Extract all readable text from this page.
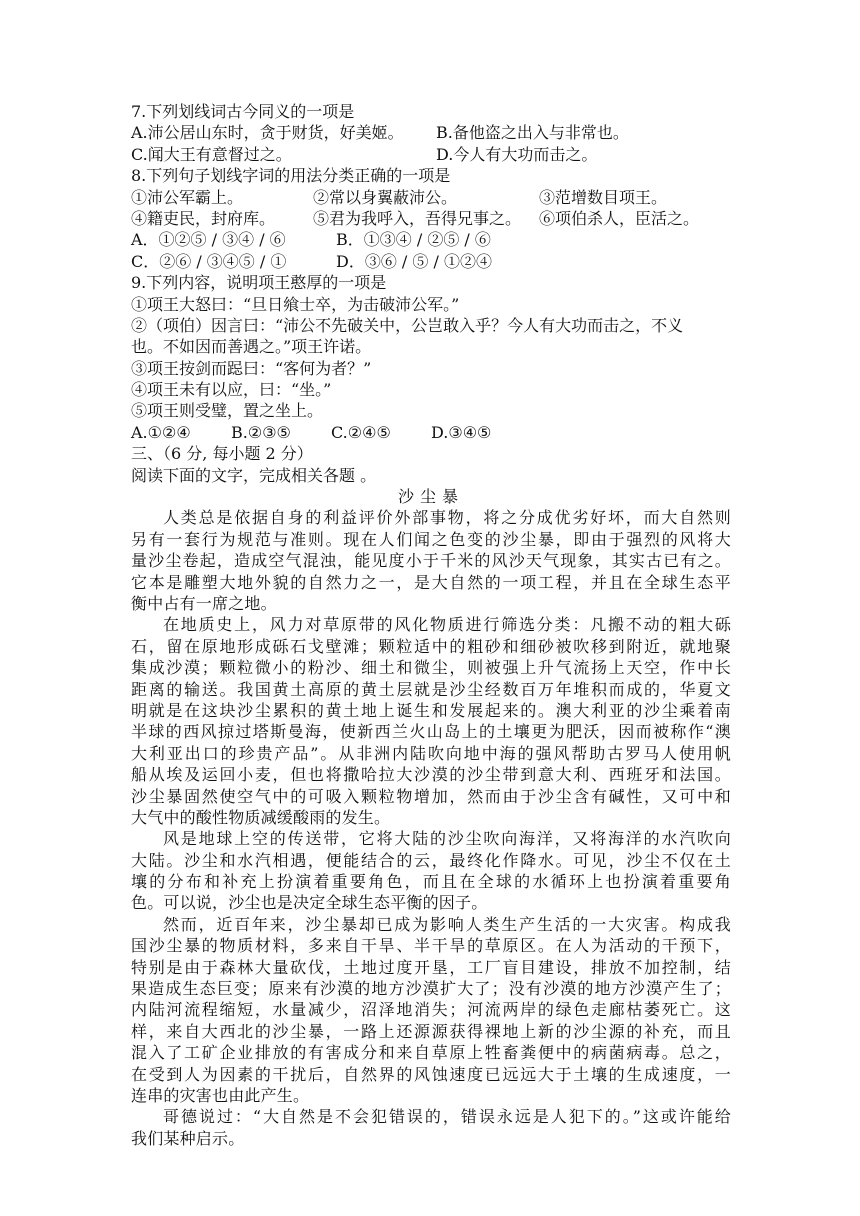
7.下列划线词古今同义的一项是
A.沛公居山东时，贪于财货，好美姬。 B.备他盗之出入与非常也。
C.闻大王有意督过之。	D.今人有大功而击之。
8.下列句子划线字词的用法分类正确的一项是
①沛公军霸上。	②常以身翼蔽沛公。	③范增数目项王。
④籍吏民，封府库。 ⑤君为我呼入，吾得兄事之。 ⑥项伯杀人，臣活之。
A．①②⑤ / ③④ / ⑥	B．①③④ / ②⑤ / ⑥
C．②⑥ / ③④⑤ / ①	D．③⑥ / ⑤ / ①②④
9.下列内容，说明项王憨厚的一项是
①项王大怒曰：“旦日飨士卒，为击破沛公军。”
②（项伯）因言曰：“沛公不先破关中，公岂敢入乎？今人有大功而击之，不义
也。不如因而善遇之。”项王许诺。
③项王按剑而跽曰：“客何为者？”
④项王未有以应，曰：“坐。”
⑤项王则受璧，置之坐上。
A.①②④	B.②③⑤	C.②④⑤	D.③④⑤
三、（6 分, 每小题 2 分）
阅读下面的文字，完成相关各题 。
沙尘暴
人类总是依据自身的利益评价外部事物，将之分成优劣好坏，而大自然则
另有一套行为规范与准则。现在人们闻之色变的沙尘暴，即由于强烈的风将大
量沙尘卷起，造成空气混浊，能见度小于千米的风沙天气现象，其实古已有之。
它本是雕塑大地外貌的自然力之一，是大自然的一项工程，并且在全球生态平
衡中占有一席之地。
在地质史上，风力对草原带的风化物质进行筛选分类：凡搬不动的粗大砾
石，留在原地形成砾石戈壁滩；颗粒适中的粗砂和细砂被吹移到附近，就地聚
集成沙漠；颗粒微小的粉沙、细土和微尘，则被强上升气流扬上天空，作中长
距离的输送。我国黄土高原的黄土层就是沙尘经数百万年堆积而成的，华夏文
明就是在这块沙尘累积的黄土地上诞生和发展起来的。澳大利亚的沙尘乘着南
半球的西风掠过塔斯曼海，使新西兰火山岛上的土壤更为肥沃，因而被称作“澳
大利亚出口的珍贵产品”。从非洲内陆吹向地中海的强风帮助古罗马人使用帆
船从埃及运回小麦，但也将撒哈拉大沙漠的沙尘带到意大利、西班牙和法国。
沙尘暴固然使空气中的可吸入颗粒物增加，然而由于沙尘含有碱性，又可中和
大气中的酸性物质减缓酸雨的发生。
风是地球上空的传送带，它将大陆的沙尘吹向海洋，又将海洋的水汽吹向
大陆。沙尘和水汽相遇，便能结合的云，最终化作降水。可见，沙尘不仅在土
壤的分布和补充上扮演着重要角色，而且在全球的水循环上也扮演着重要角
色。可以说，沙尘也是决定全球生态平衡的因子。
然而，近百年来，沙尘暴却已成为影响人类生产生活的一大灾害。构成我
国沙尘暴的物质材料，多来自干旱、半干旱的草原区。在人为活动的干预下，
特别是由于森林大量砍伐，土地过度开垦，工厂盲目建设，排放不加控制，结
果造成生态巨变；原来有沙漠的地方沙漠扩大了；没有沙漠的地方沙漠产生了；
内陆河流程缩短，水量减少，沼泽地消失；河流两岸的绿色走廊枯萎死亡。这
样，来自大西北的沙尘暴，一路上还源源获得裸地上新的沙尘源的补充，而且
混入了工矿企业排放的有害成分和来自草原上牲畜粪便中的病菌病毒。总之，
在受到人为因素的干扰后，自然界的风蚀速度已远远大于土壤的生成速度，一
连串的灾害也由此产生。
哥德说过：“大自然是不会犯错误的，错误永远是人犯下的。”这或许能给
我们某种启示。
